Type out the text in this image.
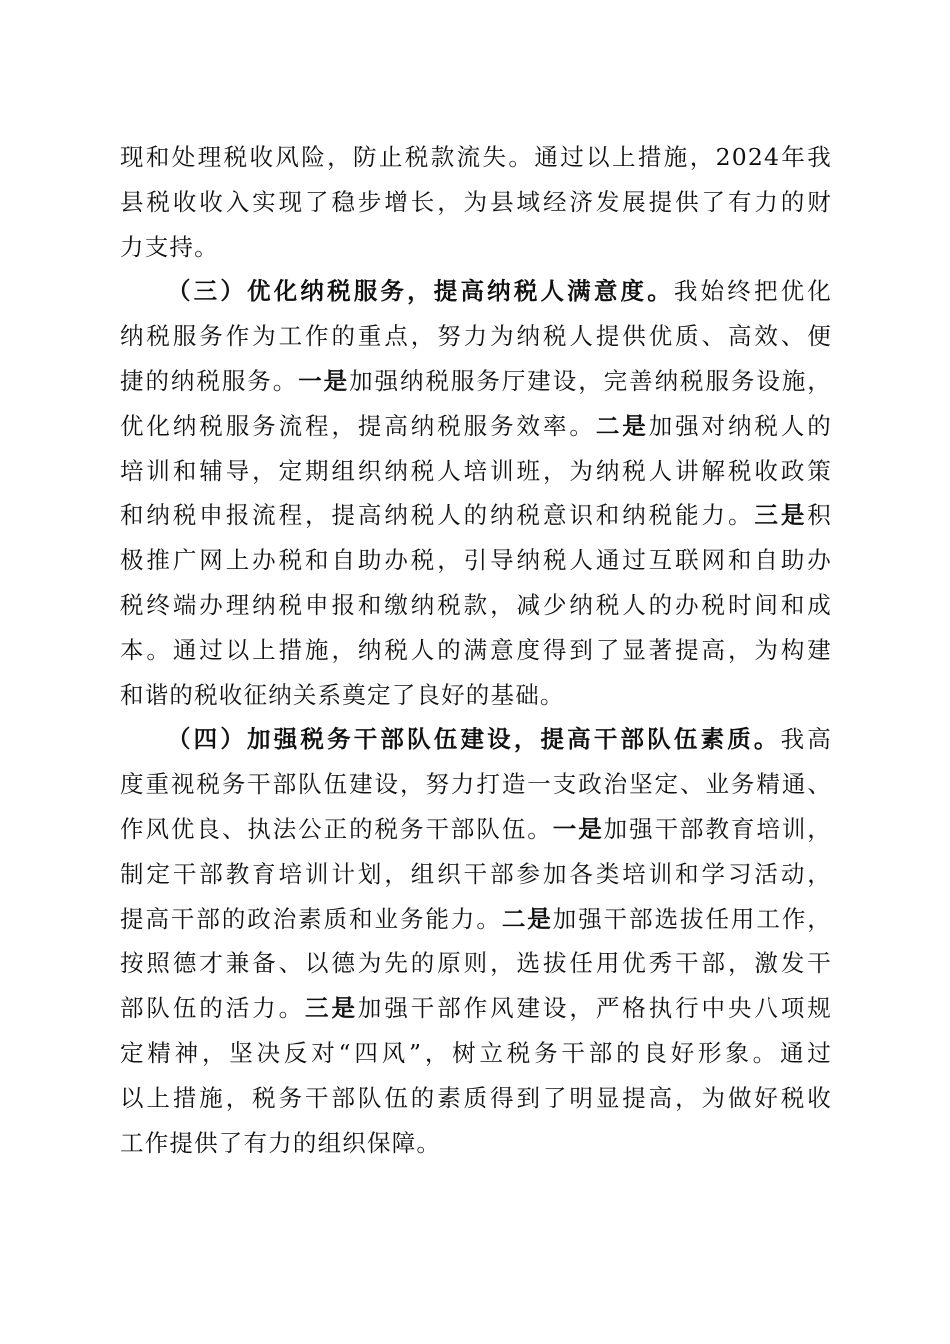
现和处理税收风险，防止税款流失。通过以上措施，2024年我
县税收收入实现了稳步增长，为县域经济发展提供了有力的财
力支持。
（三）优化纳税服务，提高纳税人满意度。我始终把优化
纳税服务作为工作的重点，努力为纳税人提供优质、高效、便
捷的纳税服务。一是加强纳税服务厅建设，完善纳税服务设施，
优化纳税服务流程，提高纳税服务效率。二是加强对纳税人的
培训和辅导，定期组织纳税人培训班，为纳税人讲解税收政策
和纳税申报流程，提高纳税人的纳税意识和纳税能力。三是积
极推广网上办税和自助办税，引导纳税人通过互联网和自助办
税终端办理纳税申报和缴纳税款，减少纳税人的办税时间和成
本。通过以上措施，纳税人的满意度得到了显著提高，为构建
和谐的税收征纳关系奠定了良好的基础。
（四）加强税务干部队伍建设，提高干部队伍素质。我高
度重视税务干部队伍建设，努力打造一支政治坚定、业务精通、
作风优良、执法公正的税务干部队伍。一是加强干部教育培训，
制定干部教育培训计划，组织干部参加各类培训和学习活动，
提高干部的政治素质和业务能力。二是加强干部选拔任用工作，
按照德才兼备、以德为先的原则，选拔任用优秀干部，激发干
部队伍的活力。三是加强干部作风建设，严格执行中央八项规
定精神，坚决反对“四风”，树立税务干部的良好形象。通过
以上措施，税务干部队伍的素质得到了明显提高，为做好税收
工作提供了有力的组织保障。
